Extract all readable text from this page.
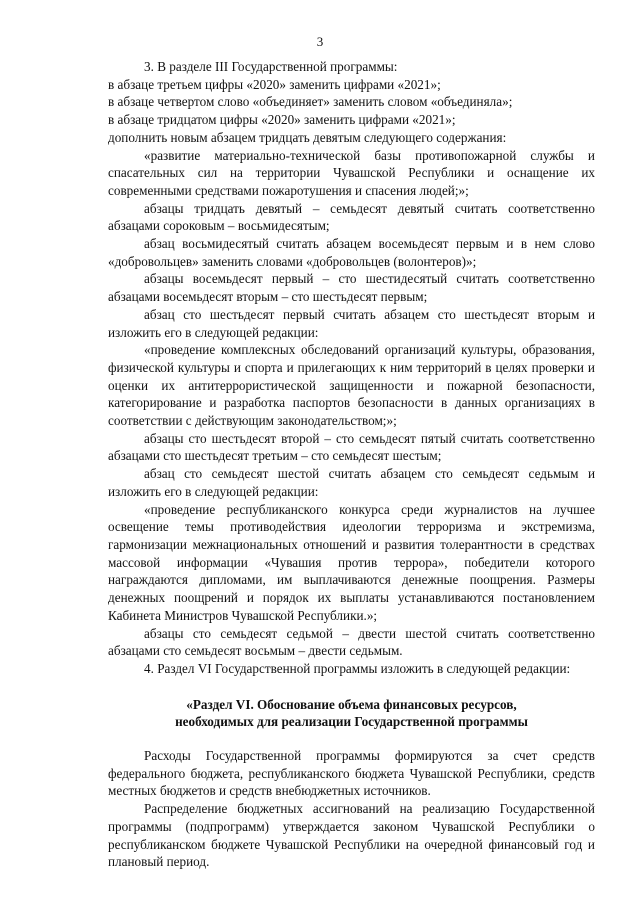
3

3. В разделе III Государственной программы:

в абзаце третьем цифры «2020» заменить цифрами «2021»;

в абзаце четвертом слово «объединяет» заменить словом «объединяла»;

в абзаце тридцатом цифры «2020» заменить цифрами «2021»;

дополнить новым абзацем тридцать девятым следующего содержания:

«развитие материально-технической базы противопожарной службы и спасательных сил на территории Чувашской Республики и оснащение их современными средствами пожаротушения и спасения людей;»;

абзацы тридцать девятый – семьдесят девятый считать соответственно абзацами сороковым – восьмидесятым;

абзац восьмидесятый считать абзацем восемьдесят первым и в нем слово «добровольцев» заменить словами «добровольцев (волонтеров)»;

абзацы восемьдесят первый – сто шестидесятый считать соответственно абзацами восемьдесят вторым – сто шестьдесят первым;

абзац сто шестьдесят первый считать абзацем сто шестьдесят вторым и изложить его в следующей редакции:

«проведение комплексных обследований организаций культуры, образования, физической культуры и спорта и прилегающих к ним территорий в целях проверки и оценки их антитеррористической защищенности и пожарной безопасности, категорирование и разработка паспортов безопасности в данных организациях в соответствии с действующим законодательством;»;

абзацы сто шестьдесят второй – сто семьдесят пятый считать соответственно абзацами сто шестьдесят третьим – сто семьдесят шестым;

абзац сто семьдесят шестой считать абзацем сто семьдесят седьмым и изложить его в следующей редакции:

«проведение республиканского конкурса среди журналистов на лучшее освещение темы противодействия идеологии терроризма и экстремизма, гармонизации межнациональных отношений и развития толерантности в средствах массовой информации «Чувашия против террора», победители которого награждаются дипломами, им выплачиваются денежные поощрения. Размеры денежных поощрений и порядок их выплаты устанавливаются постановлением Кабинета Министров Чувашской Республики.»;

абзацы сто семьдесят седьмой – двести шестой считать соответственно абзацами сто семьдесят восьмым – двести седьмым.

4. Раздел VI Государственной программы изложить в следующей редакции:

«Раздел VI. Обоснование объема финансовых ресурсов,
необходимых для реализации Государственной программы

Расходы Государственной программы формируются за счет средств федерального бюджета, республиканского бюджета Чувашской Республики, средств местных бюджетов и средств внебюджетных источников.

Распределение бюджетных ассигнований на реализацию Государственной программы (подпрограмм) утверждается законом Чувашской Республики о республиканском бюджете Чувашской Республики на очередной финансовый год и плановый период.
